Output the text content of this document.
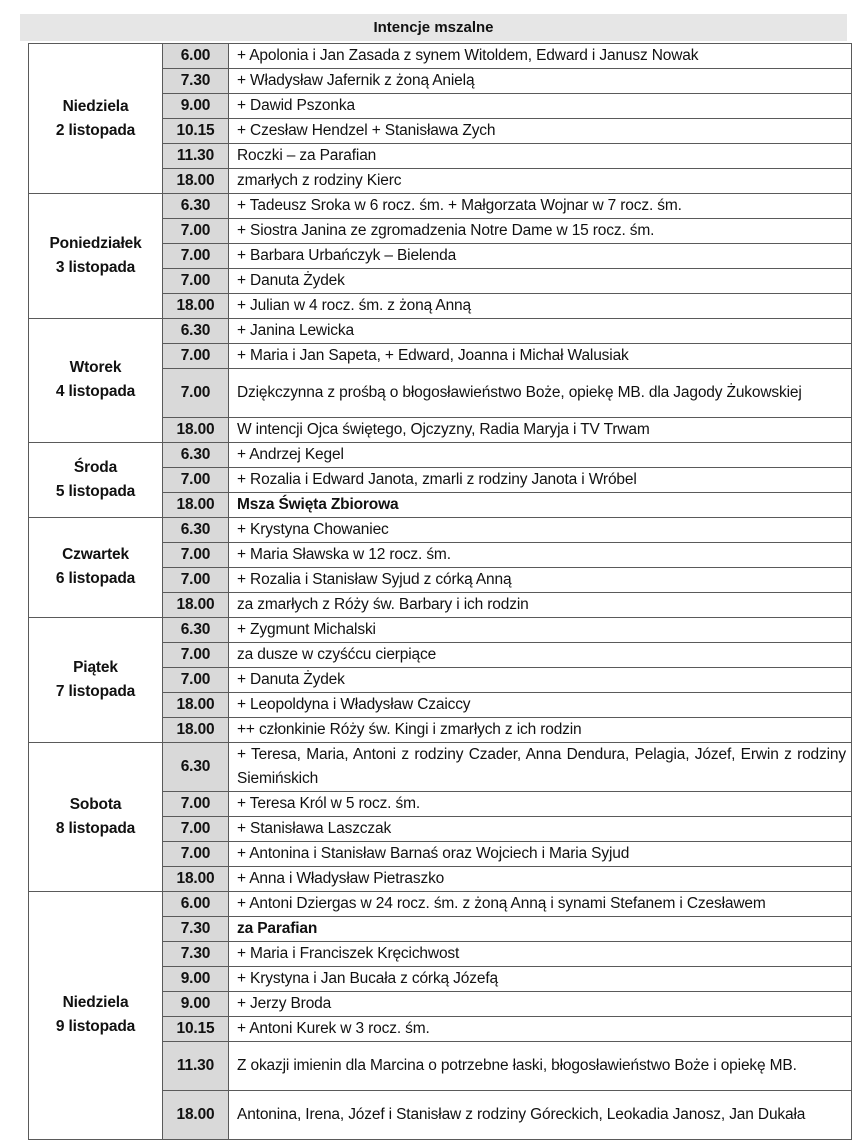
Intencje mszalne
Niedziela
2 listopada	6.00	+ Apolonia i Jan Zasada z synem Witoldem, Edward i Janusz Nowak
	7.30	+ Władysław Jafernik z żoną Anielą
	9.00	+ Dawid Pszonka
	10.15	+ Czesław Hendzel + Stanisława Zych
	11.30	Roczki – za Parafian
	18.00	zmarłych z rodziny Kierc

Poniedziałek
3 listopada	6.30	+ Tadeusz Sroka w 6 rocz. śm. + Małgorzata Wojnar w 7 rocz. śm.
	7.00	+ Siostra Janina ze zgromadzenia Notre Dame w 15 rocz. śm.
	7.00	+ Barbara Urbańczyk – Bielenda
	7.00	+ Danuta Żydek
	18.00	+ Julian w 4 rocz. śm. z żoną Anną

Wtorek
4 listopada	6.30	+ Janina Lewicka
	7.00	+ Maria i Jan Sapeta, + Edward, Joanna i Michał Walusiak
	7.00	Dziękczynna z prośbą o błogosławieństwo Boże, opiekę MB. dla Jagody Żukowskiej
	18.00	W intencji Ojca świętego, Ojczyzny, Radia Maryja i TV Trwam

Środa
5 listopada	6.30	+ Andrzej Kegel
	7.00	+ Rozalia i Edward Janota, zmarli z rodziny Janota i Wróbel
	18.00	Msza Święta Zbiorowa

Czwartek
6 listopada	6.30	+ Krystyna Chowaniec
	7.00	+ Maria Sławska w 12 rocz. śm.
	7.00	+ Rozalia i Stanisław Syjud z córką Anną
	18.00	za zmarłych z Róży św. Barbary i ich rodzin

Piątek
7 listopada	6.30	+ Zygmunt Michalski
	7.00	za dusze w czyśćcu cierpiące
	7.00	+ Danuta Żydek
	18.00	+ Leopoldyna i Władysław Czaiccy
	18.00	++ członkinie Róży św. Kingi i zmarłych z ich rodzin

Sobota
8 listopada	6.30	+ Teresa, Maria, Antoni z rodziny Czader, Anna Dendura, Pelagia, Józef, Erwin z rodziny Siemińskich
	7.00	+ Teresa Król w 5 rocz. śm.
	7.00	+ Stanisława Laszczak
	7.00	+ Antonina i Stanisław Barnaś oraz Wojciech i Maria Syjud
	18.00	+ Anna i Władysław Pietraszko

Niedziela
9 listopada	6.00	+ Antoni Dziergas w 24 rocz. śm. z żoną Anną i synami Stefanem i Czesławem
	7.30	za Parafian
	7.30	+ Maria i Franciszek Kręcichwost
	9.00	+ Krystyna i Jan Bucała z córką Józefą
	9.00	+ Jerzy Broda
	10.15	+ Antoni Kurek w 3 rocz. śm.
	11.30	Z okazji imienin dla Marcina o potrzebne łaski, błogosławieństwo Boże i opiekę MB.
	18.00	Antonina, Irena, Józef i Stanisław z rodziny Góreckich, Leokadia Janosz, Jan Dukała
